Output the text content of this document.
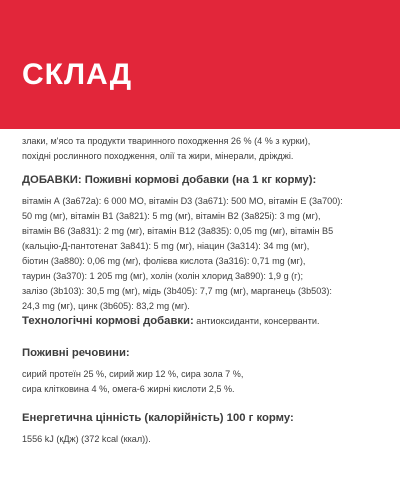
СКЛАД

злаки, м'ясо та продукти тваринного походження 26 % (4 % з курки),

похідні рослинного походження, олії та жири, мінерали, дріжджі.

ДОБАВКИ: Поживні кормові добавки (на 1 кг корму):

вітамін А (3а672а): 6 000 МО, вітамін D3 (3а671): 500 МО, вітамін Е (3а700):

50 mg (мг), вітамін В1 (3а821): 5 mg (мг), вітамін В2 (3а825і): 3 mg (мг),

вітамін В6 (3а831): 2 mg (мг), вітамін В12 (3а835): 0,05 mg (мг), вітамін В5

(кальцію-Д-пантотенат 3а841): 5 mg (мг), ніацин (3а314): 34 mg (мг),

біотин (3а880): 0,06 mg (мг), фолієва кислота (3а316): 0,71 mg (мг),

таурин (3а370): 1 205 mg (мг), холін (холін хлорид 3а890): 1,9 g (г);

залізо (3b103): 30,5 mg (мг), мідь (3b405): 7,7 mg (мг), марганець (3b503):

24,3 mg (мг), цинк (3b605): 83,2 mg (мг).

Технологічні кормові добавки: антиоксиданти, консерванти.

Поживні речовини:

сирий протеїн 25 %, сирий жир 12 %, сира зола 7 %,

сира клітковина 4 %, омега-6 жирні кислоти 2,5 %.

Енергетична цінність (калорійність) 100 г корму:

1556 kJ (кДж) (372 kcal (ккал)).
